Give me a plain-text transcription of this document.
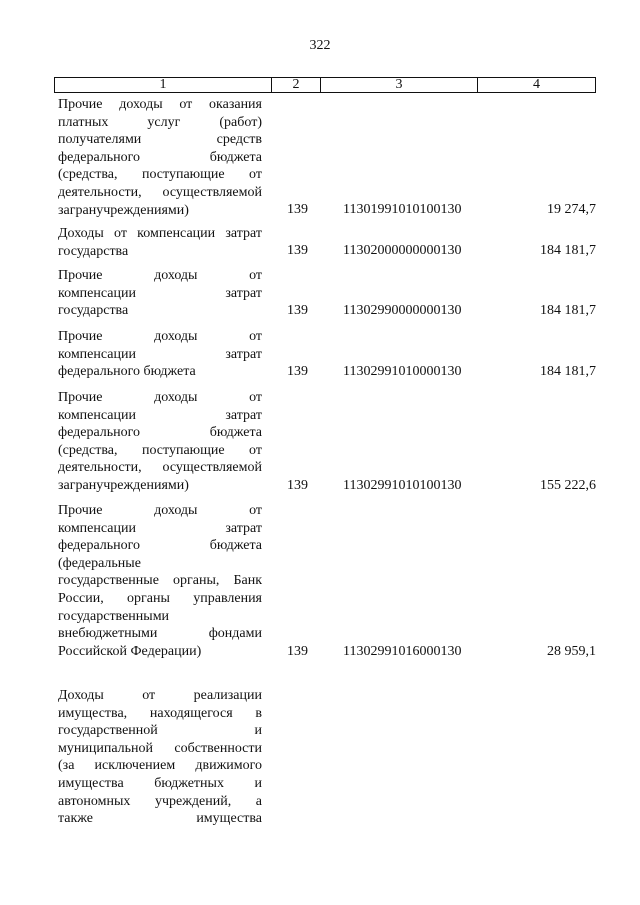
322
1	2	3	4
Прочие доходы от оказания
платных услуг (работ)
получателями средств
федерального бюджета
(средства, поступающие от
деятельности, осуществляемой
загранучреждениями)	139	11301991010100130	19 274,7
Доходы от компенсации затрат
государства	139	11302000000000130	184 181,7
Прочие доходы от
компенсации затрат
государства	139	11302990000000130	184 181,7
Прочие доходы от
компенсации затрат
федерального бюджета	139	11302991010000130	184 181,7
Прочие доходы от
компенсации затрат
федерального бюджета
(средства, поступающие от
деятельности, осуществляемой
загранучреждениями)	139	11302991010100130	155 222,6
Прочие доходы от
компенсации затрат
федерального бюджета
(федеральные
государственные органы, Банк
России, органы управления
государственными
внебюджетными фондами
Российской Федерации)	139	11302991016000130	28 959,1
Доходы от реализации
имущества, находящегося в
государственной и
муниципальной собственности
(за исключением движимого
имущества бюджетных и
автономных учреждений, а
также имущества
